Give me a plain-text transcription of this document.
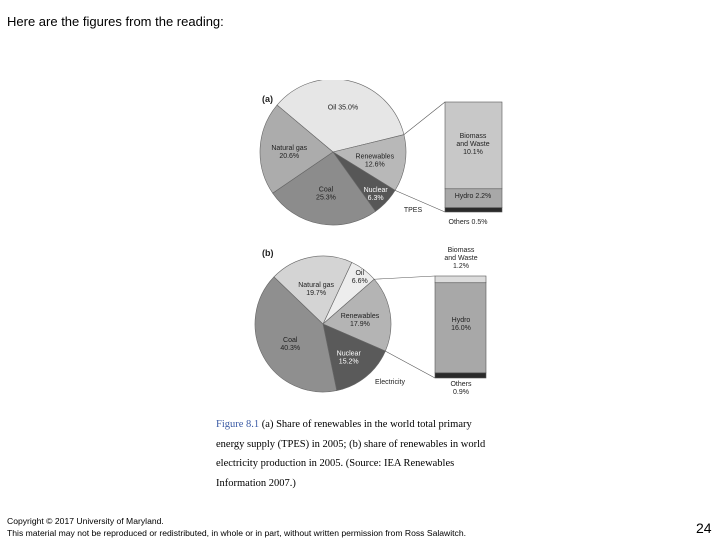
Here are the figures from the reading:
(a)
Oil 35.0%
Renewables 12.6%
Nuclear 6.3%
Coal 25.3%
Natural gas 20.6%
Biomass and Waste 10.1%
Hydro 2.2%
Others 0.5%
TPES
(b)
Oil 6.6%
Renewables 17.9%
Nuclear 15.2%
Coal 40.3%
Natural gas 19.7%
Biomass and Waste 1.2%
Hydro 16.0%
Others 0.9%
Electricity
Figure 8.1 (a) Share of renewables in the world total primary
energy supply (TPES) in 2005; (b) share of renewables in world
electricity production in 2005. (Source: IEA Renewables
Information 2007.)
Copyright © 2017 University of Maryland.
This material may not be reproduced or redistributed, in whole or in part, without written permission from Ross Salawitch.	24
